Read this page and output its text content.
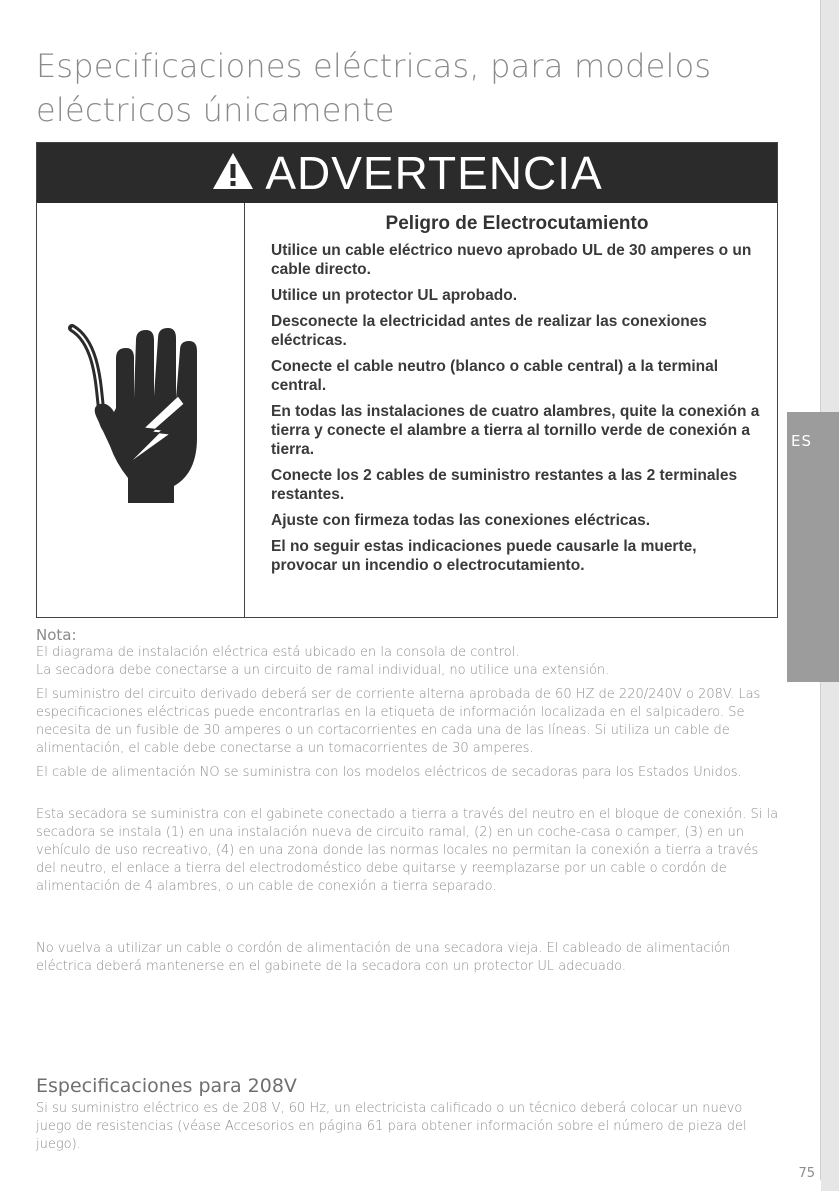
ES
Especificaciones eléctricas, para modelos eléctricos únicamente
ADVERTENCIA
Peligro de Electrocutamiento
Utilice un cable eléctrico nuevo aprobado UL de 30 amperes o un cable directo.
Utilice un protector UL aprobado.
Desconecte la electricidad antes de realizar las conexiones eléctricas.
Conecte el cable neutro (blanco o cable central) a la terminal central.
En todas las instalaciones de cuatro alambres, quite la conexión a tierra y conecte el alambre a tierra al tornillo verde de conexión a tierra.
Conecte los 2 cables de suministro restantes a las 2 terminales restantes.
Ajuste con firmeza todas las conexiones eléctricas.
El no seguir estas indicaciones puede causarle la muerte, provocar un incendio o electrocutamiento.
Nota:

El diagrama de instalación eléctrica está ubicado en la consola de control.

La secadora debe conectarse a un circuito de ramal individual, no utilice una extensión.

El suministro del circuito derivado deberá ser de corriente alterna aprobada de 60 HZ de 220/240V o 208V. Las especificaciones eléctricas puede encontrarlas en la etiqueta de información localizada en el salpicadero. Se necesita de un fusible de 30 amperes o un cortacorrientes en cada una de las líneas. Si utiliza un cable de alimentación, el cable debe conectarse a un tomacorrientes de 30 amperes.

El cable de alimentación NO se suministra con los modelos eléctricos de secadoras para los Estados Unidos.

Esta secadora se suministra con el gabinete conectado a tierra a través del neutro en el bloque de conexión. Si la secadora se instala (1) en una instalación nueva de circuito ramal, (2) en un coche-casa o camper, (3) en un vehículo de uso recreativo, (4) en una zona donde las normas locales no permitan la conexión a tierra a través del neutro, el enlace a tierra del electrodoméstico debe quitarse y reemplazarse por un cable o cordón de alimentación de 4 alambres, o un cable de conexión a tierra separado.

No vuelva a utilizar un cable o cordón de alimentación de una secadora vieja. El cableado de alimentación eléctrica deberá mantenerse en el gabinete de la secadora con un protector UL adecuado.

Especificaciones para 208V

Si su suministro eléctrico es de 208 V, 60 Hz, un electricista calificado o un técnico deberá colocar un nuevo juego de resistencias (véase Accesorios en página 61 para obtener información sobre el número de pieza del juego).

75
